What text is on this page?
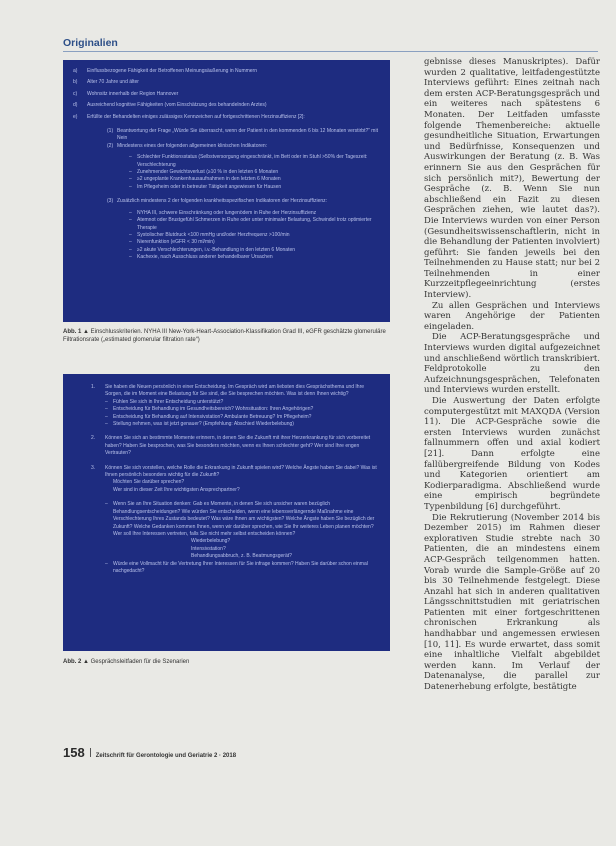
Originalien
a)	Einflussbezogene Fähigkeit der Betroffenen Meinungsäußerung in Nummern
b)	Alter 70 Jahre und älter
c)	Wohnsitz innerhalb der Region Hannover
d)	Ausreichend kognitive Fähigkeiten (vom Einschätzung des behandelnden Arztes)
e)	Erfüllte der Behandelten einiges zulässiges Kennzeichen auf fortgeschrittenen Herzinsuffizienz [2]:
(1) Beantwortung der Frage „Würde Sie überrascht, wenn der Patient in den kommenden 6 bis 12 Monaten verstirbt?“ mit Nein
(2) Mindestens eines der folgenden allgemeinen klinischen Indikatoren:
–	Schlechter Funktionsstatus (Selbstversorgung eingeschränkt, im Bett oder im Stuhl >50% der Tageszeit: Verschlechterung
–	Zunehmender Gewichtsverlust (≥10 % in den letzten 6 Monaten
–	≥2 ungeplante Krankenhausaufnahmen in den letzten 6 Monaten
–	Im Pflegeheim oder in betreuter Tätigkeit angewiesen für Hausen
(3) Zusätzlich mindestens 2 der folgenden krankheitsspezifischen Indikatoren der Herzinsuffizienz:
–	NYHA III, schwere Einschränkung oder lungenödem in Ruhe der Herzinsuffizienz
–	Atemnot oder Brustgefühl Schmerzen in Ruhe oder unter minimaler Belastung, Schwindel trotz optimierter Therapie
–	Systolischer Blutdruck <100 mmHg und/oder Herzfrequenz >100/min
–	Nierenfunktion (eGFR < 30 ml/min)
–	≥2 akute Verschlechterungen, i.v.-Behandlung in den letzten 6 Monaten
–	Kachexie, nach Ausschluss anderer behandelbarer Ursachen
Abb. 1 ▲ Einschlusskriterien. NYHA III New-York-Heart-Association-Klassifikation Grad III, eGFR geschätzte glomeruläre Filtrationsrate („estimated glomerular filtration rate“)
1.	Sie haben die Neuen persönlich in einer Entscheidung. Im Gespräch wird am liebsten dies Gesprächsthema und Ihre Sorgen, die im Moment eine Belastung für Sie sind, die Sie besprechen möchten. Was ist denn Ihnen wichtig?
–	Fühlen Sie sich in Ihrer Entscheidung unterstützt?
–	Entscheidung für Behandlung im Gesundheitsbereich? Wohnsituation: Ihren Angehörigen?
–	Entscheidung für Behandlung auf Intensivstation? Ambulante Betreuung? Im Pflegeheim?
–	Stellung nehmen, was ist jetzt genauer? (Empfehlung: Abschied Wiederbelebung)
2.	Können Sie sich an bestimmte Momente erinnern, in denen Sie die Zukunft mit ihrer Herzerkrankung für sich vorbereitet haben? Haben Sie besprochen, was Sie besonders möchten, wenn es Ihnen schlechter geht? Wer sind Ihre engen Vertrauten?
3.	Können Sie sich vorstellen, welche Rolle die Erkrankung in Zukunft spielen wird? Welche Ängste haben Sie dabei? Was ist Ihnen persönlich besonders wichtig für die Zukunft?
Möchten Sie darüber sprechen?
Wer sind in dieser Zeit Ihre wichtigsten Ansprechpartner?
–	Wenn Sie an Ihre Situation denken: Gab es Momente, in denen Sie sich unsicher waren bezüglich Behandlungsentscheidungen? Wie würden Sie entscheiden, wenn eine lebensverlängernde Maßnahme eine Verschlechterung Ihres Zustands bedeutet? Was wäre Ihnen am wichtigsten? Welche Ängste haben Sie bezüglich der Zukunft? Welche Gedanken kommen Ihnen, wenn wir darüber sprechen, wie Sie Ihr weiteres Leben planen möchten? Wer soll Ihre Interessen vertreten, falls Sie nicht mehr selbst entscheiden können?
Wiederbelebung?
Intensivstation?
Behandlungsabbruch, z. B. Beatmungsgerät?
–	Würde eine Vollmacht für die Vertretung Ihrer Interessen für Sie infrage kommen? Haben Sie darüber schon einmal nachgedacht?
Abb. 2 ▲ Gesprächsleitfaden für die Szenarien

gebnisse dieses Manuskriptes). Dafür wurden 2 qualitative, leitfadengestützte Interviews geführt: Eines zeitnah nach dem ersten ACP-Beratungsgespräch und ein weiteres nach spätestens 6 Monaten. Der Leitfaden umfasste folgende Themenbereiche: aktuelle gesundheitliche Situation, Erwartungen und Bedürfnisse, Konsequenzen und Auswirkungen der Beratung (z. B. Was erinnern Sie aus den Gesprächen für sich persönlich mit?), Bewertung der Gespräche (z. B. Wenn Sie nun abschließend ein Fazit zu diesen Gesprächen ziehen, wie lautet das?). Die Interviews wurden von einer Person (Gesundheitswissenschaftlerin, nicht in die Behandlung der Patienten involviert) geführt: Sie fanden jeweils bei den Teilnehmenden zu Hause statt; nur bei 2 Teilnehmenden in einer Kurzzeitpflegeeinrichtung (erstes Interview).

Zu allen Gesprächen und Interviews waren Angehörige der Patienten eingeladen.

Die ACP-Beratungsgespräche und Interviews wurden digital aufgezeichnet und anschließend wörtlich transkribiert. Feldprotokolle zu den Aufzeichnungsgesprächen, Telefonaten und Interviews wurden erstellt.

Die Auswertung der Daten erfolgte computergestützt mit MAXQDA (Version 11). Die ACP-Gespräche sowie die ersten Interviews wurden zunächst fallnummern offen und axial kodiert [21]. Dann erfolgte eine fallübergreifende Bildung von Kodes und Kategorien orientiert am Kodierparadigma. Abschließend wurde eine empirisch begründete Typenbildung [6] durchgeführt.

Die Rekrutierung (November 2014 bis Dezember 2015) im Rahmen dieser explorativen Studie strebte nach 30 Patienten, die an mindestens einem ACP-Gespräch teilgenommen hatten. Vorab wurde die Sample-Größe auf 20 bis 30 Teilnehmende festgelegt. Diese Anzahl hat sich in anderen qualitativen Längsschnittstudien mit geriatrischen Patienten mit einer fortgeschrittenen chronischen Erkrankung als handhabbar und angemessen erwiesen [10, 11]. Es wurde erwartet, dass somit eine inhaltliche Vielfalt abgebildet werden kann. Im Verlauf der Datenanalyse, die parallel zur Datenerhebung erfolgte, bestätigte

158 Zeitschrift für Gerontologie und Geriatrie 2 · 2018
